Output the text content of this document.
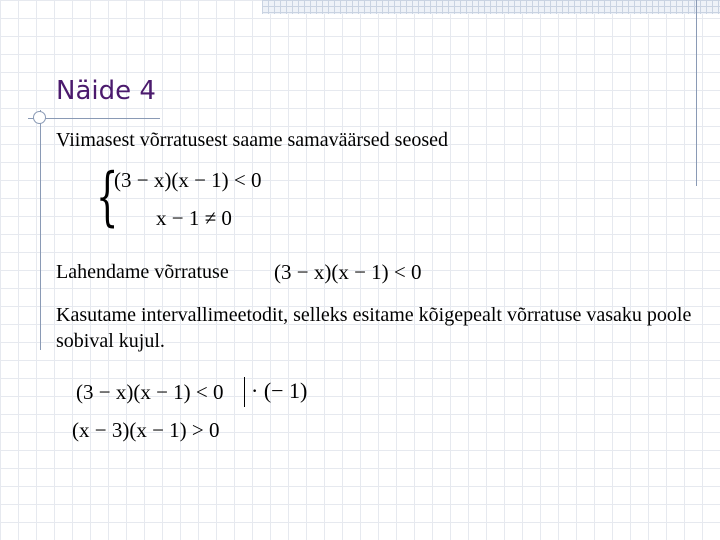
Näide 4
Viimasest võrratusest saame samaväärsed seosed
{
(3 − x)(x − 1) < 0
x − 1 ≠ 0
Lahendame võrratuse (3 − x)(x − 1) < 0
Kasutame intervallimeetodit, selleks esitame kõigepealt võrratuse vasaku poole sobival kujul.
(3 − x)(x − 1) < 0 · (− 1)
(x − 3)(x − 1) > 0
